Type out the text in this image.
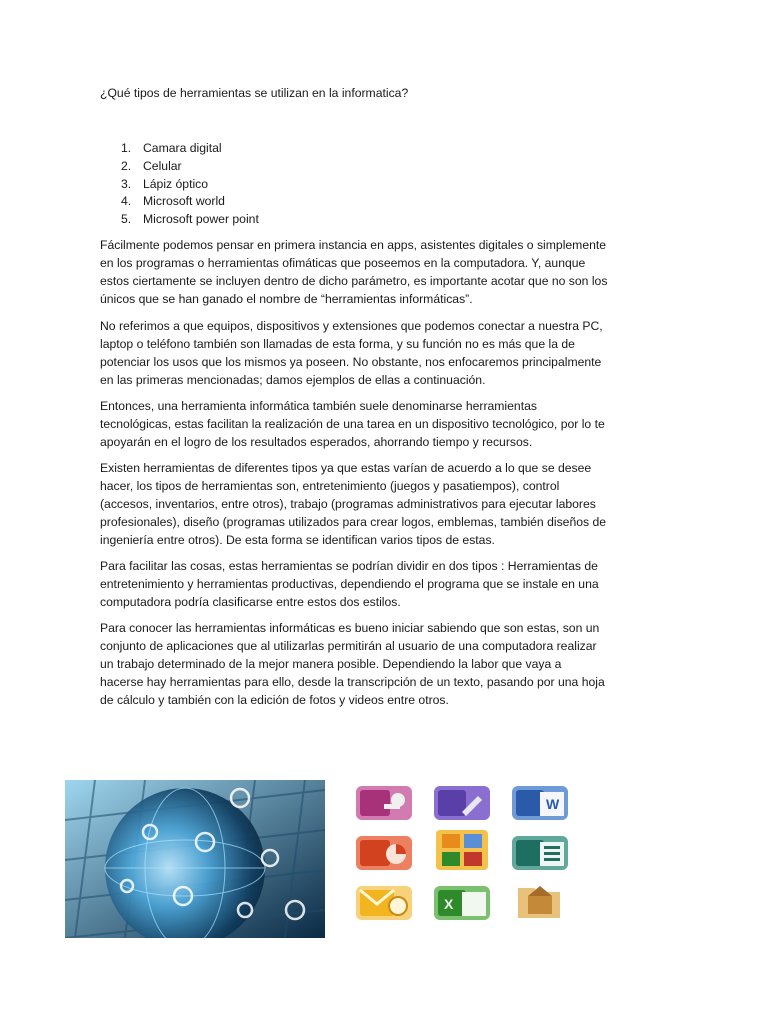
¿Qué tipos de herramientas se utilizan en la informatica?
1. Camara digital
2. Celular
3. Lápiz óptico
4. Microsoft world
5. Microsoft power point

Fácilmente podemos pensar en primera instancia en apps, asistentes digitales o simplemente en los programas o herramientas ofimáticas que poseemos en la computadora. Y, aunque estos ciertamente se incluyen dentro de dicho parámetro, es importante acotar que no son los únicos que se han ganado el nombre de “herramientas informáticas”.

No referimos a que equipos, dispositivos y extensiones que podemos conectar a nuestra PC, laptop o teléfono también son llamadas de esta forma, y su función no es más que la de potenciar los usos que los mismos ya poseen. No obstante, nos enfocaremos principalmente en las primeras mencionadas; damos ejemplos de ellas a continuación.

Entonces, una herramienta informática también suele denominarse herramientas tecnológicas, estas facilitan la realización de una tarea en un dispositivo tecnológico, por lo te apoyarán en el logro de los resultados esperados, ahorrando tiempo y recursos.

Existen herramientas de diferentes tipos ya que estas varían de acuerdo a lo que se desee hacer, los tipos de herramientas son, entretenimiento (juegos y pasatiempos), control (accesos, inventarios, entre otros), trabajo (programas administrativos para ejecutar labores profesionales), diseño (programas utilizados para crear logos, emblemas, también diseños de ingeniería entre otros). De esta forma se identifican varios tipos de estas.

Para facilitar las cosas, estas herramientas se podrían dividir en dos tipos : Herramientas de entretenimiento y herramientas productivas, dependiendo el programa que se instale en una computadora podría clasificarse entre estos dos estilos.

Para conocer las herramientas informáticas es bueno iniciar sabiendo que son estas, son un conjunto de aplicaciones que al utilizarlas permitirán al usuario de una computadora realizar un trabajo determinado de la mejor manera posible. Dependiendo la labor que vaya a hacerse hay herramientas para ello, desde la transcripción de un texto, pasando por una hoja de cálculo y también con la edición de fotos y videos entre otros.

W
X
